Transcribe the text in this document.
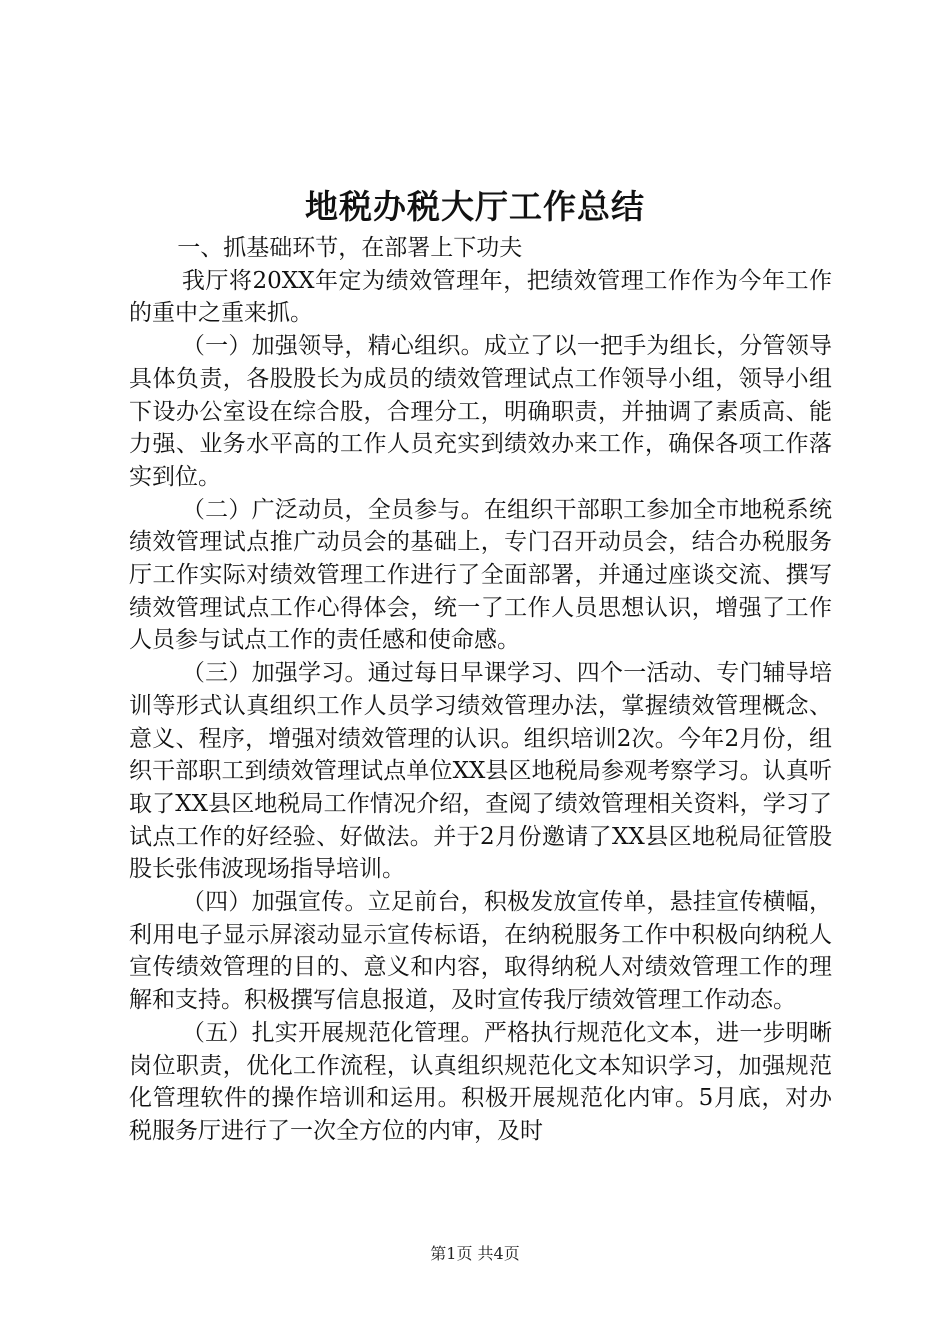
地税办税大厅工作总结

一、抓基础环节，在部署上下功夫

我厅将20XX年定为绩效管理年，把绩效管理工作作为今年工作的重中之重来抓。

（一）加强领导，精心组织。成立了以一把手为组长，分管领导具体负责，各股股长为成员的绩效管理试点工作领导小组，领导小组下设办公室设在综合股，合理分工，明确职责，并抽调了素质高、能力强、业务水平高的工作人员充实到绩效办来工作，确保各项工作落实到位。

（二）广泛动员，全员参与。在组织干部职工参加全市地税系统绩效管理试点推广动员会的基础上，专门召开动员会，结合办税服务厅工作实际对绩效管理工作进行了全面部署，并通过座谈交流、撰写绩效管理试点工作心得体会，统一了工作人员思想认识，增强了工作人员参与试点工作的责任感和使命感。

（三）加强学习。通过每日早课学习、四个一活动、专门辅导培训等形式认真组织工作人员学习绩效管理办法，掌握绩效管理概念、意义、程序，增强对绩效管理的认识。组织培训2次。今年2月份，组织干部职工到绩效管理试点单位XX县区地税局参观考察学习。认真听取了XX县区地税局工作情况介绍，查阅了绩效管理相关资料，学习了试点工作的好经验、好做法。并于2月份邀请了XX县区地税局征管股股长张伟波现场指导培训。

（四）加强宣传。立足前台，积极发放宣传单，悬挂宣传横幅，利用电子显示屏滚动显示宣传标语，在纳税服务工作中积极向纳税人宣传绩效管理的目的、意义和内容，取得纳税人对绩效管理工作的理解和支持。积极撰写信息报道，及时宣传我厅绩效管理工作动态。

（五）扎实开展规范化管理。严格执行规范化文本，进一步明晰岗位职责，优化工作流程，认真组织规范化文本知识学习，加强规范化管理软件的操作培训和运用。积极开展规范化内审。5月底，对办税服务厅进行了一次全方位的内审，及时

第1页 共4页
